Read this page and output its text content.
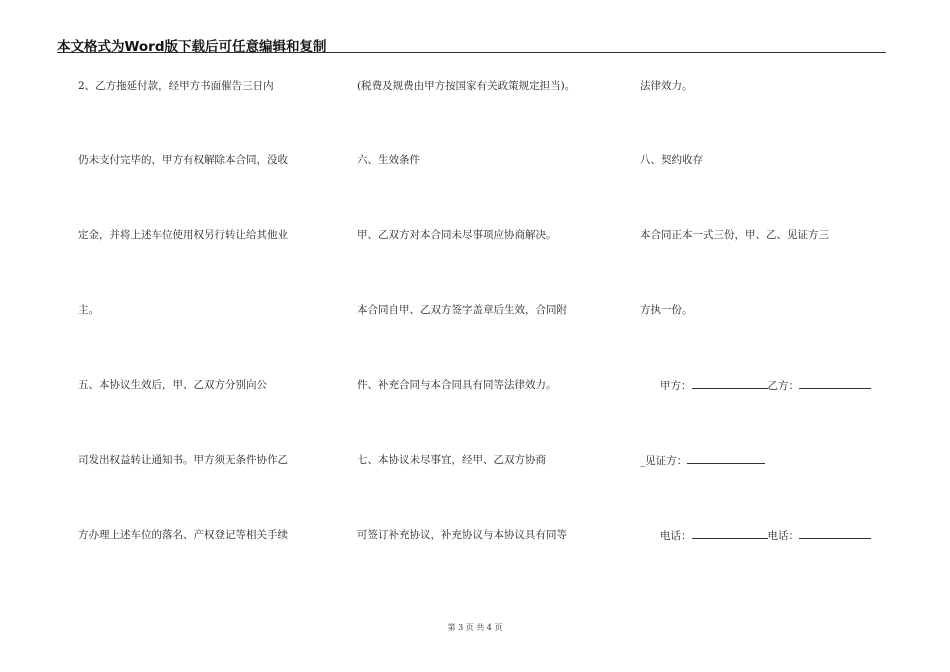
本文格式为Word版下载后可任意编辑和复制
2、乙方拖延付款，经甲方书面催告三日内
仍未支付完毕的，甲方有权解除本合同，没收
定金，并将上述车位使用权另行转让给其他业
主。
五、本协议生效后，甲、乙双方分别向公
司发出权益转让通知书。甲方须无条件协作乙
方办理上述车位的落名、产权登记等相关手续
(税费及规费由甲方按国家有关政策规定担当)。
六、生效条件
甲、乙双方对本合同未尽事项应协商解决。
本合同自甲、乙双方签字盖章后生效，合同附
件、补充合同与本合同具有同等法律效力。
七、本协议未尽事宜，经甲、乙双方协商
可签订补充协议，补充协议与本协议具有同等
法律效力。
八、契约收存
本合同正本一式三份，甲、乙、见证方三
方执一份。
甲方：	乙方：
_见证方：
电话：	电话：
第 3 页 共 4 页
